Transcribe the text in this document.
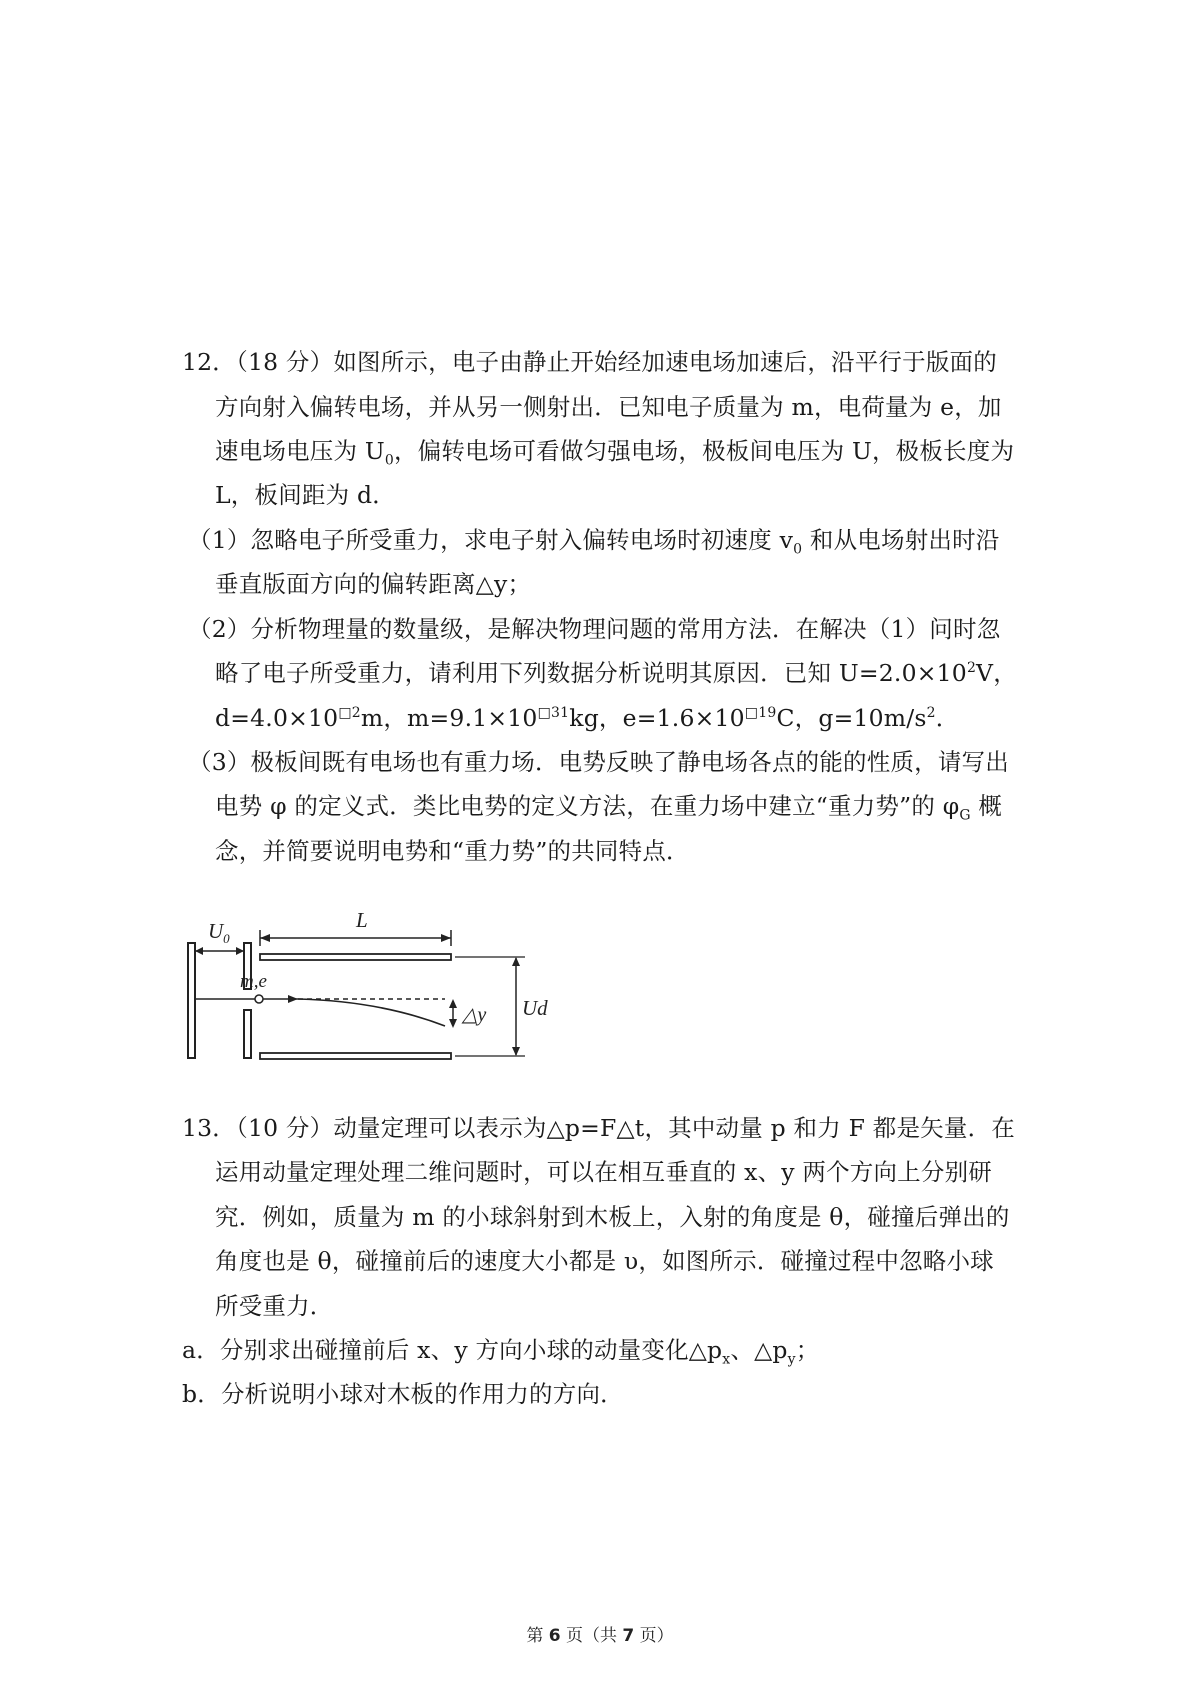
12．（18 分）如图所示，电子由静止开始经加速电场加速后，沿平行于版面的
方向射入偏转电场，并从另一侧射出．已知电子质量为 m，电荷量为 e，加
速电场电压为 $U_0$，偏转电场可看做匀强电场，极板间电压为 U，极板长度为
L，板间距为 d．
（1）忽略电子所受重力，求电子射入偏转电场时初速度 $v_0$ 和从电场射出时沿
垂直版面方向的偏转距离△y；
（2）分析物理量的数量级，是解决物理问题的常用方法．在解决（1）问时忽
略了电子所受重力，请利用下列数据分析说明其原因．已知 $U=2.0\times 10^2V$，
$d=4.0\times 10^{□2}m$，$m=9.1\times 10^{□31}kg$，$e=1.6\times 10^{□19}C$，$g=10m/s^2$．
（3）极板间既有电场也有重力场．电势反映了静电场各点的能的性质，请写出
电势 φ 的定义式．类比电势的定义方法，在重力场中建立“重力势”的 $\varphi_G$ 概
念，并简要说明电势和“重力势”的共同特点．
$U_0$
m,e
L
△y Ud
13．（10 分）动量定理可以表示为△p=F△t，其中动量 p 和力 F 都是矢量．在
运用动量定理处理二维问题时，可以在相互垂直的 x、y 两个方向上分别研
究．例如，质量为 m 的小球斜射到木板上，入射的角度是 θ，碰撞后弹出的
角度也是 θ，碰撞前后的速度大小都是 υ，如图所示．碰撞过程中忽略小球
所受重力．
a．分别求出碰撞前后 x、y 方向小球的动量变化$\triangle p_x$、$\triangle p_y$；
b．分析说明小球对木板的作用力的方向．
第 6 页（共 7 页）
